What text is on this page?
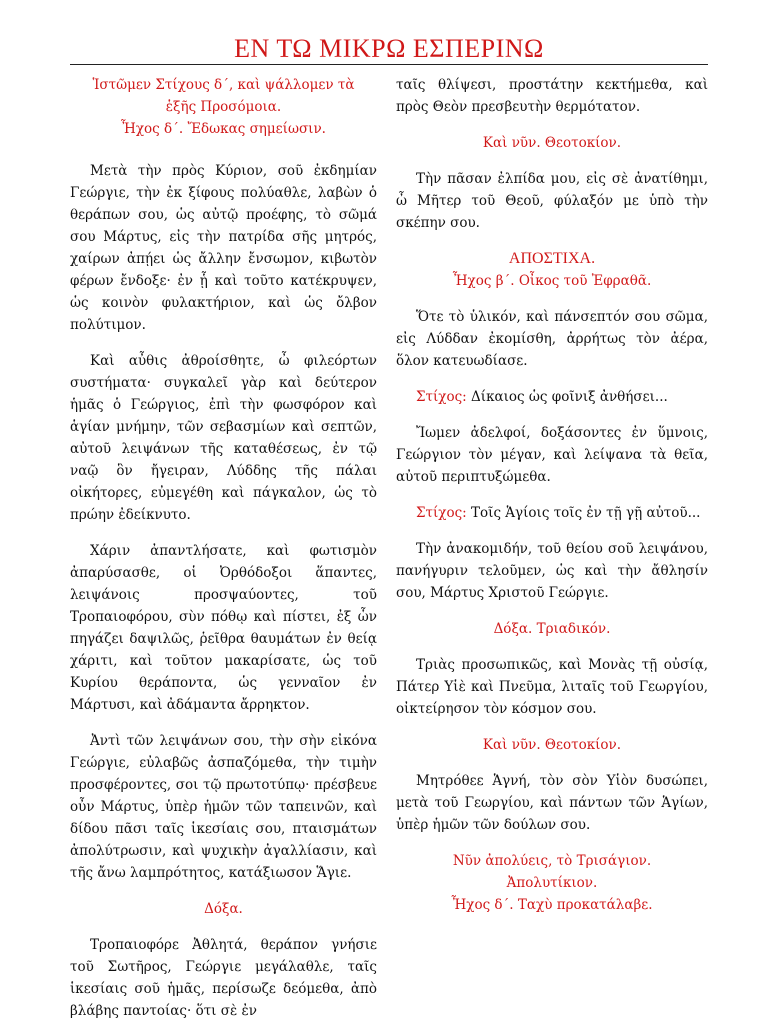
ΕΝ ΤΩ ΜΙΚΡΩ ΕΣΠΕΡΙΝΩ
Ἱστῶμεν Στίχους δ΄, καὶ ψάλλομεν τὰ
ἑξῆς Προσόμοια.
Ἦχος δ΄. Ἔδωκας σημείωσιν.

Μετὰ τὴν πρὸς Κύριον, σοῦ ἐκδημίαν Γεώργιε, τὴν ἐκ ξίφους πολύαθλε, λαβὼν ὁ θεράπων σου, ὡς αὐτῷ προέφης, τὸ σῶμά σου Μάρτυς, εἰς τὴν πατρίδα σῆς μητρός, χαίρων ἀπῄει ὡς ἄλλην ἔνσωμον, κιβωτὸν φέρων ἔνδοξε· ἐν ᾗ καὶ τοῦτο κατέκρυψεν, ὡς κοινὸν φυλακτήριον, καὶ ὡς ὄλβον πολύτιμον.

Καὶ αὖθις ἀθροίσθητε, ὦ φιλεόρτων συστήματα· συγκαλεῖ γὰρ καὶ δεύτερον ἡμᾶς ὁ Γεώργιος, ἐπὶ τὴν φωσφόρον καὶ ἁγίαν μνήμην, τῶν σεβασμίων καὶ σεπτῶν, αὐτοῦ λειψάνων τῆς καταθέσεως, ἐν τῷ ναῷ ὃν ἤγειραν, Λύδδης τῆς πάλαι οἰκήτορες, εὐμεγέθη καὶ πάγκαλον, ὡς τὸ πρώην ἐδείκνυτο.

Χάριν ἀπαντλήσατε, καὶ φωτισμὸν ἀπαρύσασθε, οἱ Ὀρθόδοξοι ἅπαντες, λειψάνοις προσψαύοντες, τοῦ Τροπαιοφόρου, σὺν πόθῳ καὶ πίστει, ἐξ ὧν πηγάζει δαψιλῶς, ῥεῖθρα θαυμάτων ἐν θείᾳ χάριτι, καὶ τοῦτον μακαρίσατε, ὡς τοῦ Κυρίου θεράποντα, ὡς γενναῖον ἐν Μάρτυσι, καὶ ἀδάμαντα ἄρρηκτον.

Ἀντὶ τῶν λειψάνων σου, τὴν σὴν εἰκόνα Γεώργιε, εὐλαβῶς ἀσπαζόμεθα, τὴν τιμὴν προσφέροντες, σοι τῷ πρωτοτύπῳ· πρέσβευε οὖν Μάρτυς, ὑπὲρ ἡμῶν τῶν ταπεινῶν, καὶ δίδου πᾶσι ταῖς ἱκεσίαις σου, πταισμάτων ἀπολύτρωσιν, καὶ ψυχικὴν ἀγαλλίασιν, καὶ τῆς ἄνω λαμπρότητος, κατάξιωσον Ἅγιε.

Δόξα.

Τροπαιοφόρε Ἀθλητά, θεράπον γνήσιε τοῦ Σωτῆρος, Γεώργιε μεγάλαθλε, ταῖς ἱκεσίαις σοῦ ἡμᾶς, περίσωζε δεόμεθα, ἀπὸ βλάβης παντοίας· ὅτι σὲ ἐν

ταῖς θλίψεσι, προστάτην κεκτήμεθα, καὶ πρὸς Θεὸν πρεσβευτὴν θερμότατον.

Καὶ νῦν. Θεοτοκίον.

Τὴν πᾶσαν ἐλπίδα μου, εἰς σὲ ἀνατίθημι, ὦ Μῆτερ τοῦ Θεοῦ, φύλαξόν με ὑπὸ τὴν σκέπην σου.

ΑΠΟΣΤΙΧΑ.
Ἦχος β΄. Οἶκος τοῦ Ἐφραθᾶ.

Ὅτε τὸ ὑλικόν, καὶ πάνσεπτόν σου σῶμα, εἰς Λύδδαν ἐκομίσθη, ἀρρήτως τὸν ἀέρα, ὅλον κατευωδίασε.

Στίχος: Δίκαιος ὡς φοῖνιξ ἀνθήσει...

Ἴωμεν ἀδελφοί, δοξάσοντες ἐν ὕμνοις, Γεώργιον τὸν μέγαν, καὶ λείψανα τὰ θεῖα, αὐτοῦ περιπτυξώμεθα.

Στίχος: Τοῖς Ἁγίοις τοῖς ἐν τῇ γῇ αὐτοῦ...

Τὴν ἀνακομιδήν, τοῦ θείου σοῦ λειψάνου, πανήγυριν τελοῦμεν, ὡς καὶ τὴν ἄθλησίν σου, Μάρτυς Χριστοῦ Γεώργιε.

Δόξα. Τριαδικόν.

Τριὰς προσωπικῶς, καὶ Μονὰς τῇ οὐσίᾳ, Πάτερ Υἱὲ καὶ Πνεῦμα, λιταῖς τοῦ Γεωργίου, οἰκτείρησον τὸν κόσμον σου.

Καὶ νῦν. Θεοτοκίον.

Μητρόθεε Ἁγνή, τὸν σὸν Υἱὸν δυσώπει, μετὰ τοῦ Γεωργίου, καὶ πάντων τῶν Ἁγίων, ὑπὲρ ἡμῶν τῶν δούλων σου.

Νῦν ἀπολύεις, τὸ Τρισάγιον.
Ἀπολυτίκιον.
Ἦχος δ΄. Ταχὺ προκατάλαβε.
